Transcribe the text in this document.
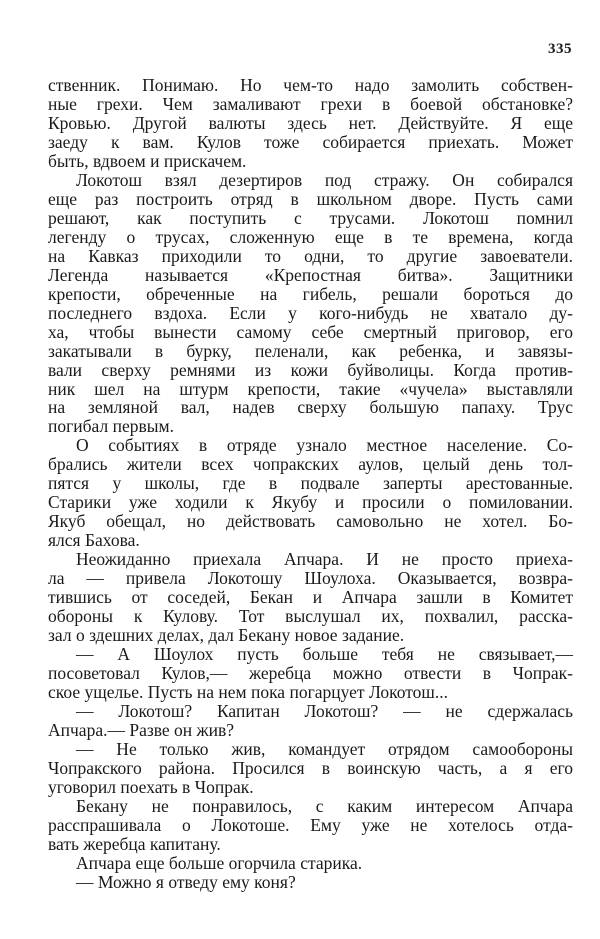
335
ственник. Понимаю. Но чем-то надо замолить собствен-
ные грехи. Чем замаливают грехи в боевой обстановке?
Кровью. Другой валюты здесь нет. Действуйте. Я еще
заеду к вам. Кулов тоже собирается приехать. Может
быть, вдвоем и прискачем.
Локотош взял дезертиров под стражу. Он собирался
еще раз построить отряд в школьном дворе. Пусть сами
решают, как поступить с трусами. Локотош помнил
легенду о трусах, сложенную еще в те времена, когда
на Кавказ приходили то одни, то другие завоеватели.
Легенда называется «Крепостная битва». Защитники
крепости, обреченные на гибель, решали бороться до
последнего вздоха. Если у кого-нибудь не хватало ду-
ха, чтобы вынести самому себе смертный приговор, его
закатывали в бурку, пеленали, как ребенка, и завязы-
вали сверху ремнями из кожи буйволицы. Когда против-
ник шел на штурм крепости, такие «чучела» выставляли
на земляной вал, надев сверху большую папаху. Трус
погибал первым.
О событиях в отряде узнало местное население. Со-
брались жители всех чопракских аулов, целый день тол-
пятся у школы, где в подвале заперты арестованные.
Старики уже ходили к Якубу и просили о помиловании.
Якуб обещал, но действовать самовольно не хотел. Бо-
ялся Бахова.
Неожиданно приехала Апчара. И не просто приеха-
ла — привела Локотошу Шоулоха. Оказывается, возвра-
тившись от соседей, Бекан и Апчара зашли в Комитет
обороны к Кулову. Тот выслушал их, похвалил, расска-
зал о здешних делах, дал Бекану новое задание.
— А Шоулох пусть больше тебя не связывает,—
посоветовал Кулов,— жеребца можно отвести в Чопрак-
ское ущелье. Пусть на нем пока погарцует Локотош...
— Локотош? Капитан Локотош? — не сдержалась
Апчара.— Разве он жив?
— Не только жив, командует отрядом самообороны
Чопракского района. Просился в воинскую часть, а я его
уговорил поехать в Чопрак.
Бекану не понравилось, с каким интересом Апчара
расспрашивала о Локотоше. Ему уже не хотелось отда-
вать жеребца капитану.
Апчара еще больше огорчила старика.
— Можно я отведу ему коня?
